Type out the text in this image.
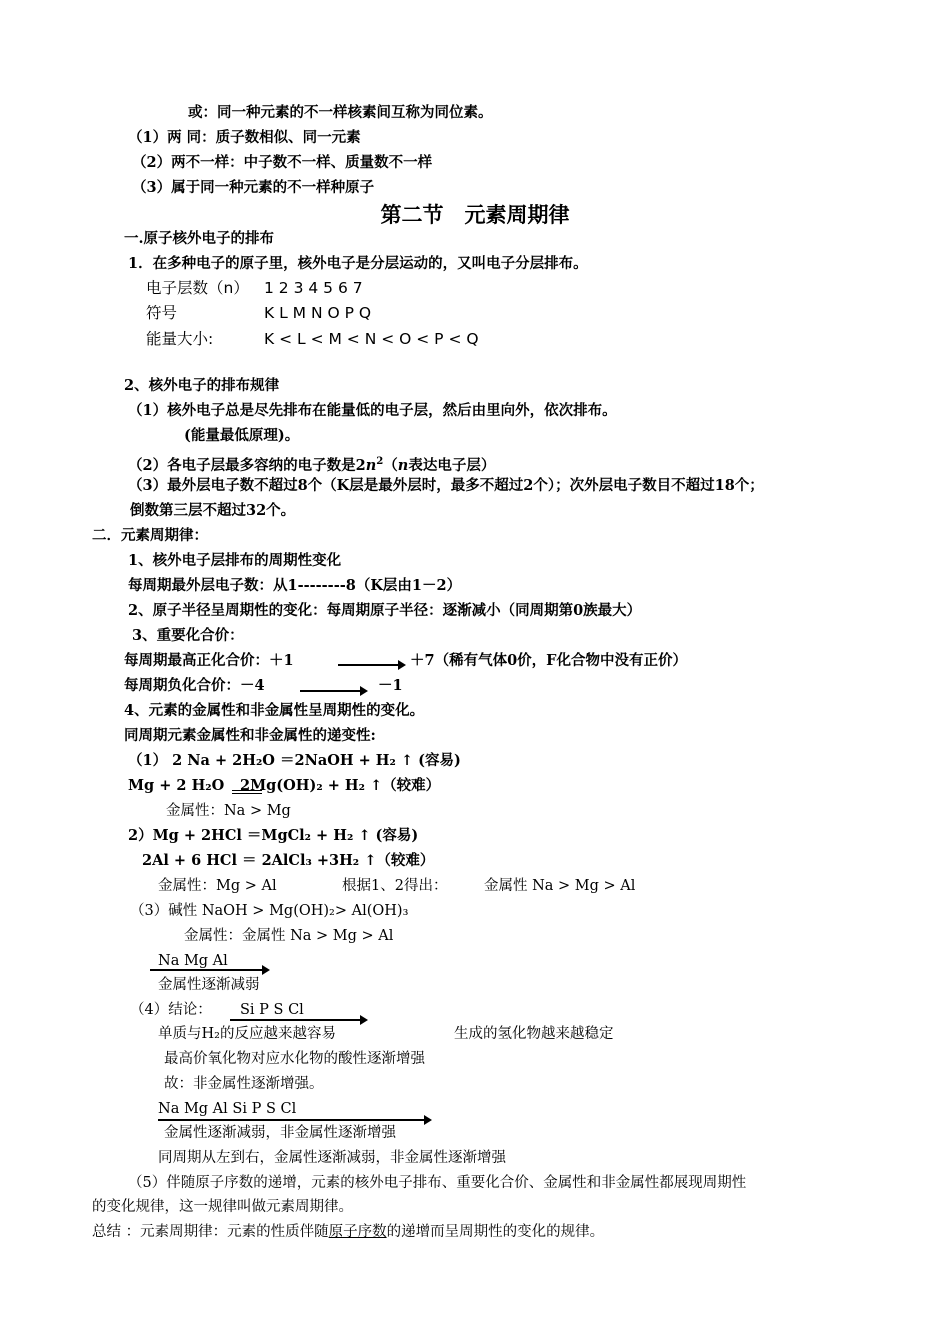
或：同一种元素的不一样核素间互称为同位素。
（1）两 同：质子数相似、同一元素
（2）两不一样：中子数不一样、质量数不一样
（3）属于同一种元素的不一样种原子
第二节　元素周期律
一.原子核外电子的排布
1．在多种电子的原子里，核外电子是分层运动的，又叫电子分层排布。
电子层数（n） 1 2 3 4 5 6 7
符号	K L M N O P Q
能量大小:	K < L < M < N < O < P < Q
2、核外电子的排布规律
（1）核外电子总是尽先排布在能量低的电子层，然后由里向外，依次排布。
(能量最低原理)。
（2）各电子层最多容纳的电子数是$2n^2(n$表达电子层）
（3）最外层电子数不超过8个（K层是最外层时，最多不超过2个）；次外层电子数目不超过18个；
倒数第三层不超过32个。
二．元素周期律：
1、核外电子层排布的周期性变化
每周期最外层电子数：从1--------8（K层由1－2）
2、原子半径呈周期性的变化：每周期原子半径：逐渐减小（同周期第0族最大）
3、重要化合价：
每周期最高正化合价：＋1	＋7（稀有气体0价，F化合物中没有正价）
每周期负化合价：－4	－1
4、元素的金属性和非金属性呈周期性的变化。
同周期元素金属性和非金属性的递变性:
（1） 2 Na + 2H₂O ＝2NaOH + H₂ ↑ (容易)
Mg + 2 H₂O 2Mg(OH)₂ + H₂ ↑（较难）
金属性：Na > Mg
2）Mg + 2HCl ＝MgCl₂ + H₂ ↑ (容易)
2Al + 6 HCl ＝ 2AlCl₃ +3H₂ ↑（较难）
金属性：Mg > Al	根据1、2得出：	金属性 Na > Mg > Al
（3）碱性 NaOH > Mg(OH)₂> Al(OH)₃
金属性：金属性 Na > Mg > Al
Na Mg Al
金属性逐渐减弱
（4）结论： Si P S Cl
单质与H₂的反应越来越容易	生成的氢化物越来越稳定
最高价氧化物对应水化物的酸性逐渐增强
故：非金属性逐渐增强。
Na Mg Al Si P S Cl
金属性逐渐减弱，非金属性逐渐增强
同周期从左到右，金属性逐渐减弱，非金属性逐渐增强
（5）伴随原子序数的递增，元素的核外电子排布、重要化合价、金属性和非金属性都展现周期性
的变化规律，这一规律叫做元素周期律。
总结 ：元素周期律：元素的性质伴随原子序数的递增而呈周期性的变化的规律。
